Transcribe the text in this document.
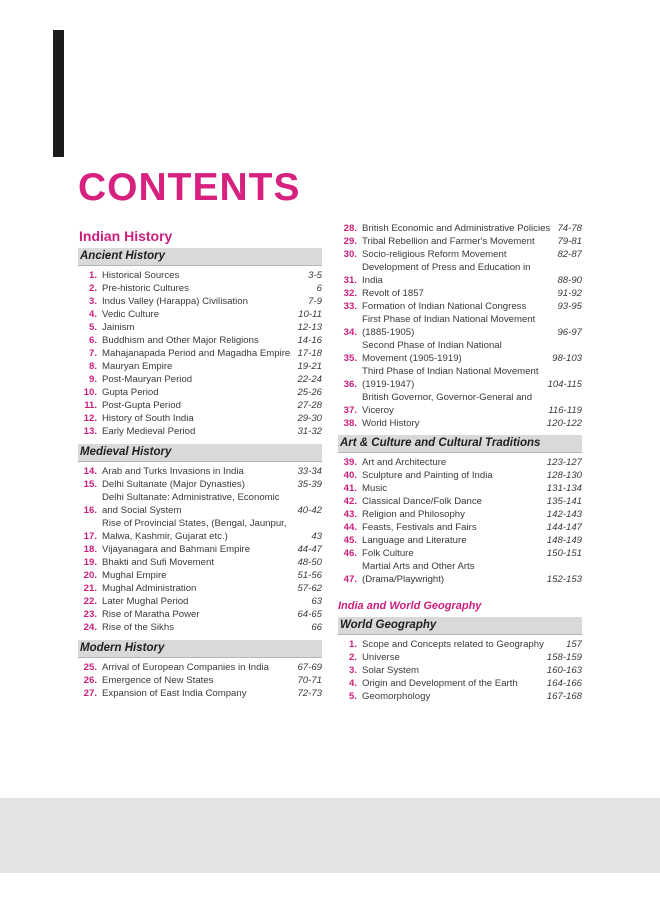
CONTENTS
Indian History
Ancient History
1. Historical Sources	3-5
2. Pre-historic Cultures	6
3. Indus Valley (Harappa) Civilisation	7-9
4. Vedic Culture	10-11
5. Jainism	12-13
6. Buddhism and Other Major Religions	14-16
7. Mahajanapada Period and Magadha Empire 17-18
8. Mauryan Empire	19-21
9. Post-Mauryan Period	22-24
10. Gupta Period	25-26
11. Post-Gupta Period	27-28
12. History of South India	29-30
13. Early Medieval Period	31-32
Medieval History
14. Arab and Turks Invasions in India	33-34
15. Delhi Sultanate (Major Dynasties)	35-39
16.
Delhi Sultanate: Administrative, Economic and Social System	40-42
17.
Rise of Provincial States, (Bengal, Jaunpur, Malwa, Kashmir, Gujarat etc.)	43
18. Vijayanagara and Bahmani Empire	44-47
19. Bhakti and Sufi Movement	48-50
20. Mughal Empire	51-56
21. Mughal Administration	57-62
22. Later Mughal Period	63
23. Rise of Maratha Power	64-65
24. Rise of the Sikhs	66
Modern History
25. Arrival of European Companies in India	67-69
26. Emergence of New States	70-71
27. Expansion of East India Company	72-73
28. British Economic and Administrative Policies 74-78
29. Tribal Rebellion and Farmer's Movement	79-81
30. Socio-religious Reform Movement	82-87
31.
Development of Press and Education in India	88-90
32. Revolt of 1857	91-92
33. Formation of Indian National Congress	93-95
34.
First Phase of Indian National Movement (1885-1905)	96-97
35.
Second Phase of Indian National Movement (1905-1919)	98-103
36.
Third Phase of Indian National Movement (1919-1947)	104-115
37.
British Governor, Governor-General and Viceroy	116-119
38. World History	120-122
Art & Culture and Cultural Traditions
39. Art and Architecture	123-127
40. Sculpture and Painting of India	128-130
41. Music	131-134
42. Classical Dance/Folk Dance	135-141
43. Religion and Philosophy	142-143
44. Feasts, Festivals and Fairs	144-147
45. Language and Literature	148-149
46. Folk Culture	150-151
47.
Martial Arts and Other Arts (Drama/Playwright)	152-153
India and World Geography
World Geography
1. Scope and Concepts related to Geography	157
2. Universe	158-159
3. Solar System	160-163
4. Origin and Development of the Earth	164-166
5. Geomorphology	167-168
